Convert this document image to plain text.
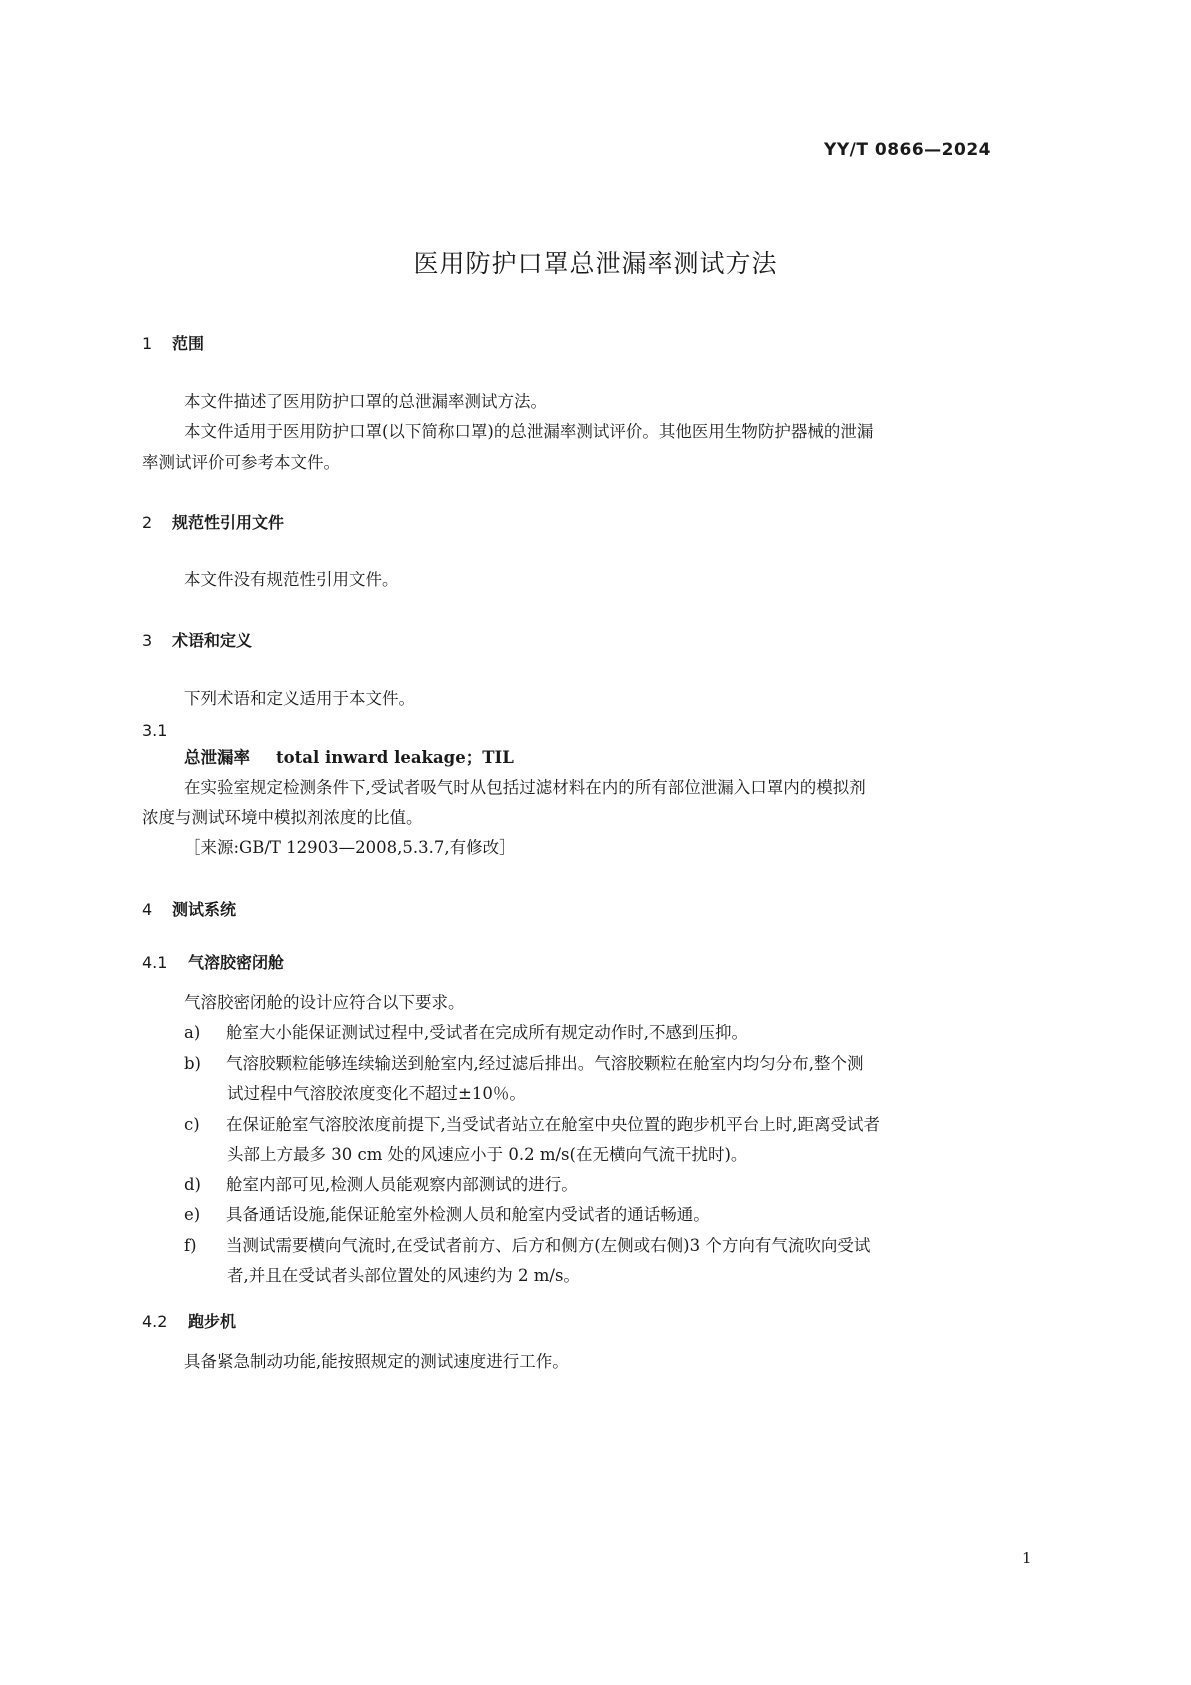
YY/T 0866—2024
医用防护口罩总泄漏率测试方法
1 范围
本文件描述了医用防护口罩的总泄漏率测试方法。
本文件适用于医用防护口罩(以下简称口罩)的总泄漏率测试评价。其他医用生物防护器械的泄漏
率测试评价可参考本文件。
2 规范性引用文件
本文件没有规范性引用文件。
3 术语和定义
下列术语和定义适用于本文件。
3.1
总泄漏率 total inward leakage；TIL
在实验室规定检测条件下,受试者吸气时从包括过滤材料在内的所有部位泄漏入口罩内的模拟剂
浓度与测试环境中模拟剂浓度的比值。
［来源:GB/T 12903—2008,5.3.7,有修改］
4 测试系统
4.1 气溶胶密闭舱
气溶胶密闭舱的设计应符合以下要求。
a) 舱室大小能保证测试过程中,受试者在完成所有规定动作时,不感到压抑。
b) 气溶胶颗粒能够连续输送到舱室内,经过滤后排出。气溶胶颗粒在舱室内均匀分布,整个测
试过程中气溶胶浓度变化不超过±10％。
c) 在保证舱室气溶胶浓度前提下,当受试者站立在舱室中央位置的跑步机平台上时,距离受试者
头部上方最多 30 cm 处的风速应小于 0.2 m/s(在无横向气流干扰时)。
d) 舱室内部可见,检测人员能观察内部测试的进行。
e) 具备通话设施,能保证舱室外检测人员和舱室内受试者的通话畅通。
f) 当测试需要横向气流时,在受试者前方、后方和侧方(左侧或右侧)3 个方向有气流吹向受试
者,并且在受试者头部位置处的风速约为 2 m/s。
4.2 跑步机
具备紧急制动功能,能按照规定的测试速度进行工作。
1
